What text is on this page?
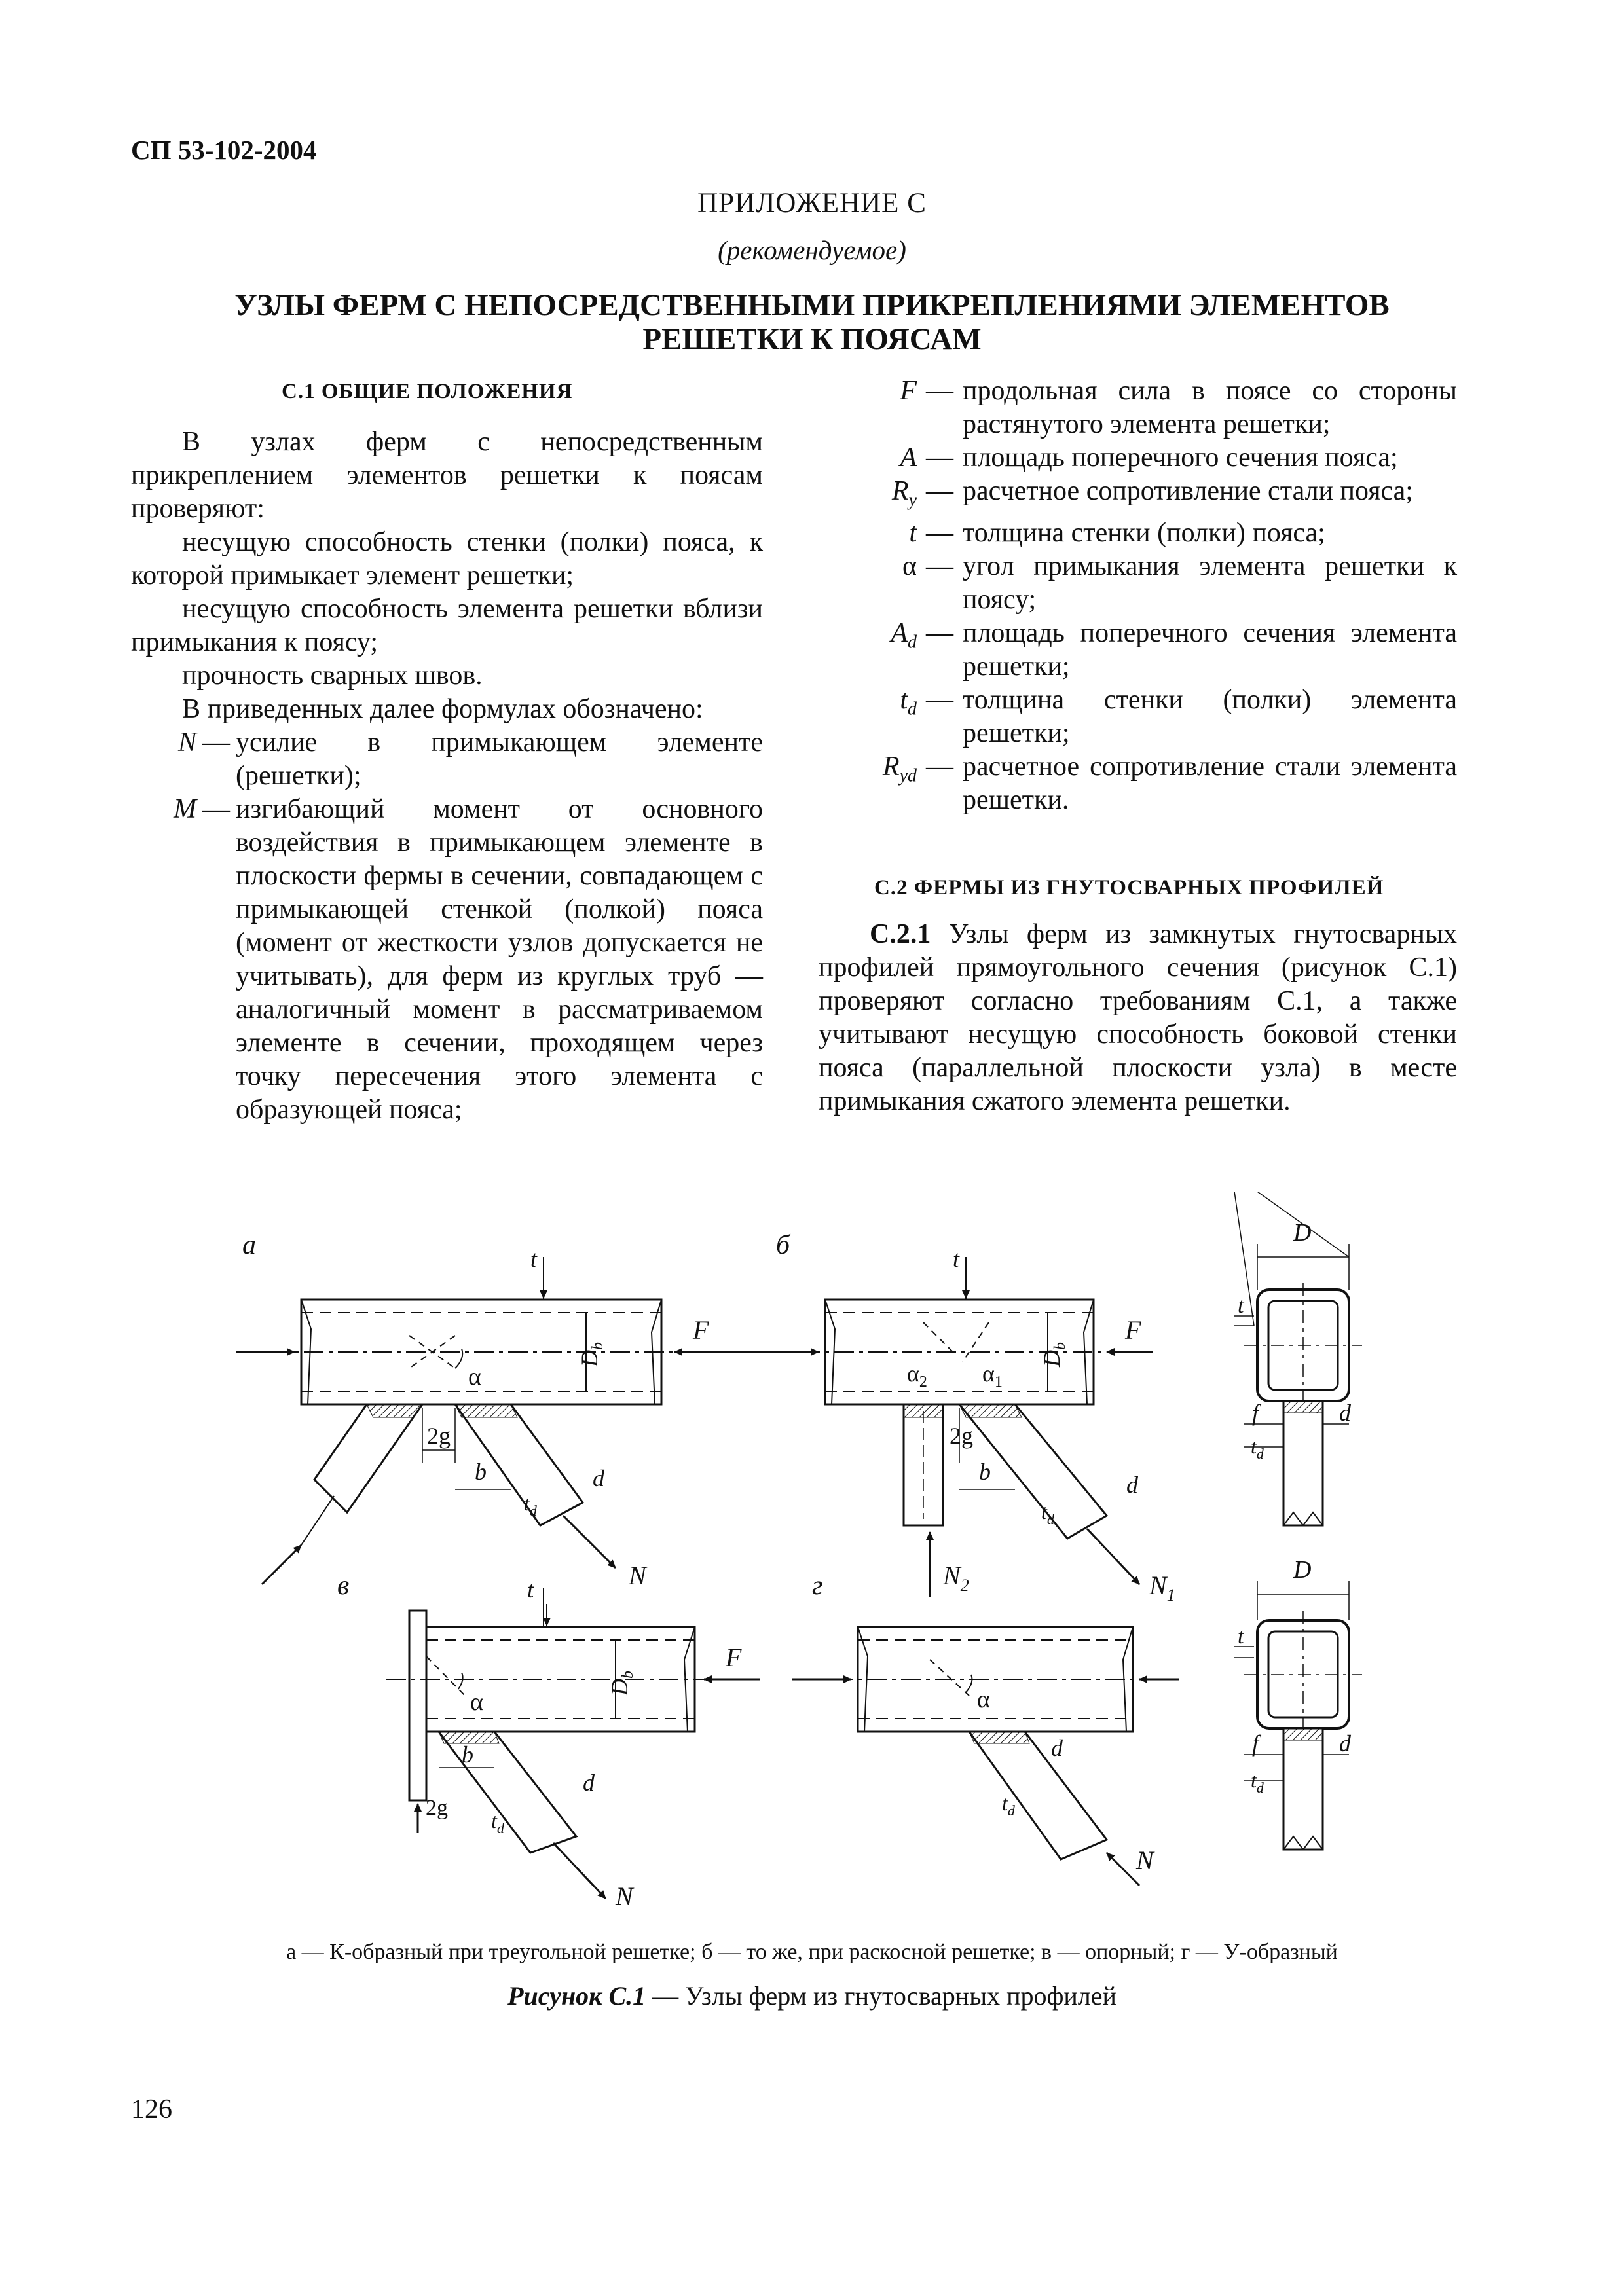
СП 53-102-2004
ПРИЛОЖЕНИЕ С
(рекомендуемое)
УЗЛЫ ФЕРМ С НЕПОСРЕДСТВЕННЫМИ ПРИКРЕПЛЕНИЯМИ ЭЛЕМЕНТОВ
РЕШЕТКИ К ПОЯСАМ
С.1 ОБЩИЕ ПОЛОЖЕНИЯ

В узлах ферм с непосредственным прикреплением элементов решетки к поясам проверяют:

несущую способность стенки (полки) пояса, к которой примыкает элемент решетки;

несущую способность элемента решетки вблизи примыкания к поясу;

прочность сварных швов.

В приведенных далее формулах обозначено:

N — усилие в примыкающем элементе (решетки);
M — изгибающий момент от основного воздействия в примыкающем элементе в плоскости фермы в сечении, совпадающем с примыкающей стенкой (полкой) пояса (момент от жесткости узлов допускается не учитывать), для ферм из круглых труб — аналогичный момент в рассматриваемом элементе в сечении, проходящем через точку пересечения этого элемента с образующей пояса;
F — продольная сила в поясе со стороны растянутого элемента решетки;
A — площадь поперечного сечения пояса;
$R_y$ — расчетное сопротивление стали пояса;
t — толщина стенки (полки) пояса;
α — угол примыкания элемента решетки к поясу;
$A_d$ — площадь поперечного сечения элемента решетки;
$t_d$ — толщина стенки (полки) элемента решетки;
$R_{yd}$ — расчетное сопротивление стали элемента решетки.
С.2 ФЕРМЫ ИЗ ГНУТОСВАРНЫХ ПРОФИЛЕЙ

С.2.1 Узлы ферм из замкнутых гнутосварных профилей прямоугольного сечения (рисунок С.1) проверяют согласно требованиям С.1, а также учитывают несущую способность боковой стенки пояса (параллельной плоскости узла) в месте примыкания сжатого элемента решетки.

а	t
F
α
$D_b$
2g
b
$t_d$
d
N
б	t
F
$\alpha_2$ $\alpha_1$
$D_b$
2g
b
$t_d$
d
$N_1$
$N_2$
D
t
f	d
$t_d$
в	t
F
α
$D_b$
b
2g
$t_d$
d
N
г
α
$t_d$
d
N
D
t
f	d
$t_d$
а — К-образный при треугольной решетке; б — то же, при раскосной решетке; в — опорный; г — У-образный
Рисунок С.1 — Узлы ферм из гнутосварных профилей
126
